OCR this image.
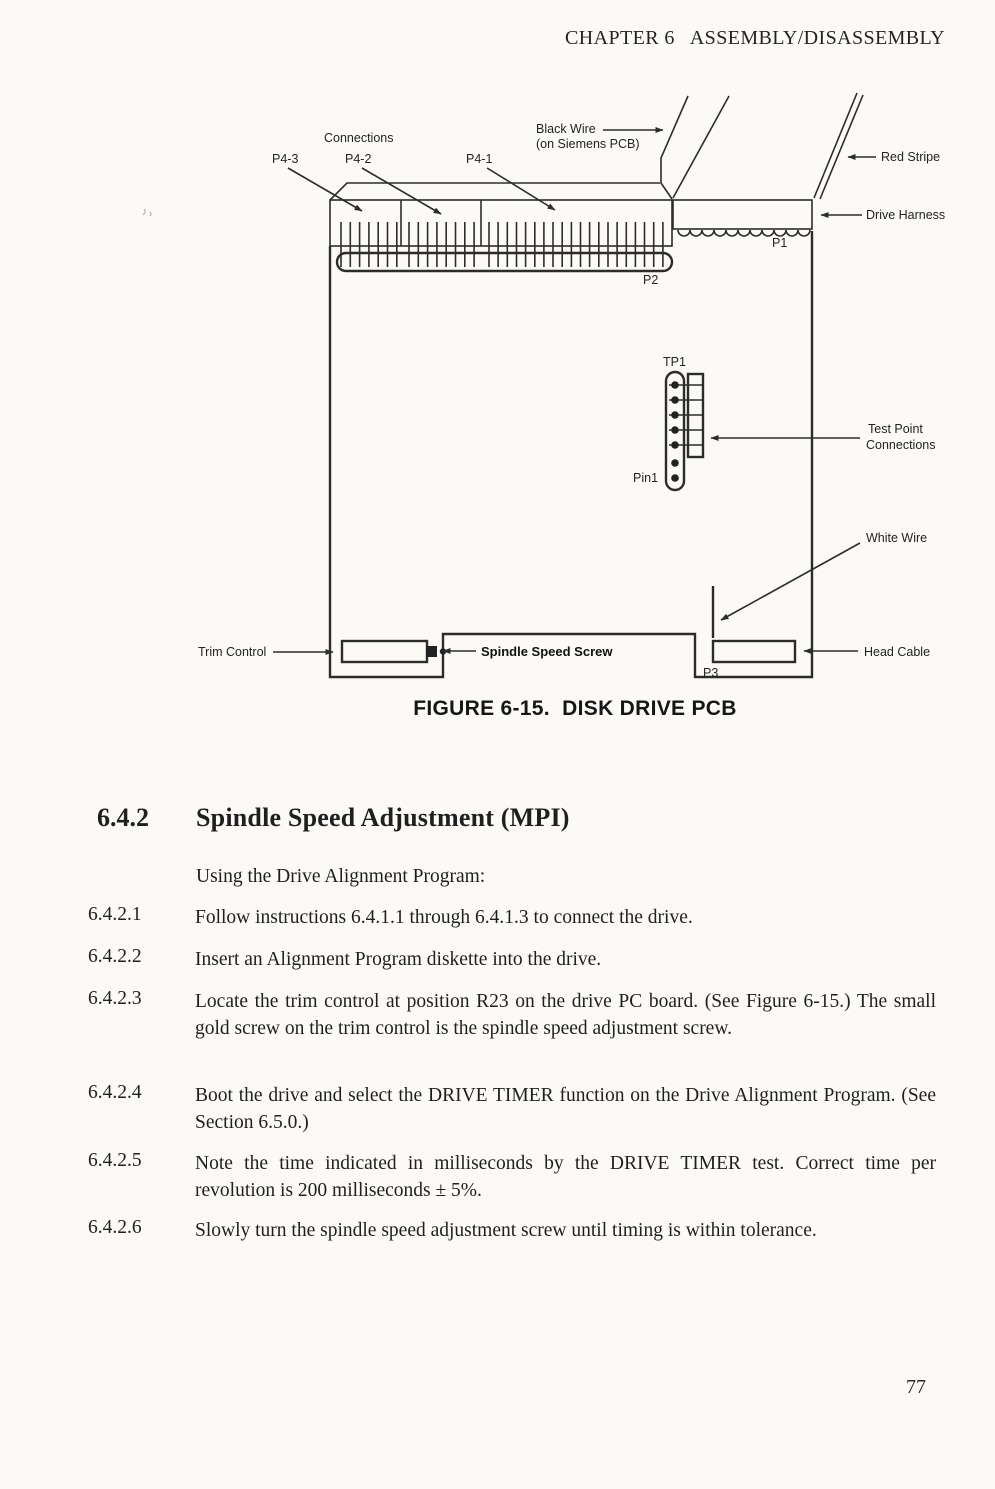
CHAPTER 6   ASSEMBLY/DISASSEMBLY
Connections
P4-3	P4-2	P4-1
Black Wire
(on Siemens PCB)
Red Stripe
Drive Harness
P1
P2
TP1
Pin1
Test Point
Connections
White Wire
Head Cable
Trim Control	Spindle Speed Screw
P3
FIGURE 6-15.  DISK DRIVE PCB
6.4.2 Spindle Speed Adjustment (MPI)
Using the Drive Alignment Program:
6.4.2.1	Follow instructions 6.4.1.1 through 6.4.1.3 to connect the drive.
6.4.2.2	Insert an Alignment Program diskette into the drive.
6.4.2.3	Locate the trim control at position R23 on the drive PC board. (See Figure 6-15.) The small gold screw on the trim control is the spindle speed adjustment screw.
6.4.2.4	Boot the drive and select the DRIVE TIMER function on the Drive Alignment Program. (See Section 6.5.0.)
6.4.2.5	Note the time indicated in milliseconds by the DRIVE TIMER test. Correct time per revolution is 200 milliseconds ± 5%.
6.4.2.6	Slowly turn the spindle speed adjustment screw until timing is within tolerance.
77
